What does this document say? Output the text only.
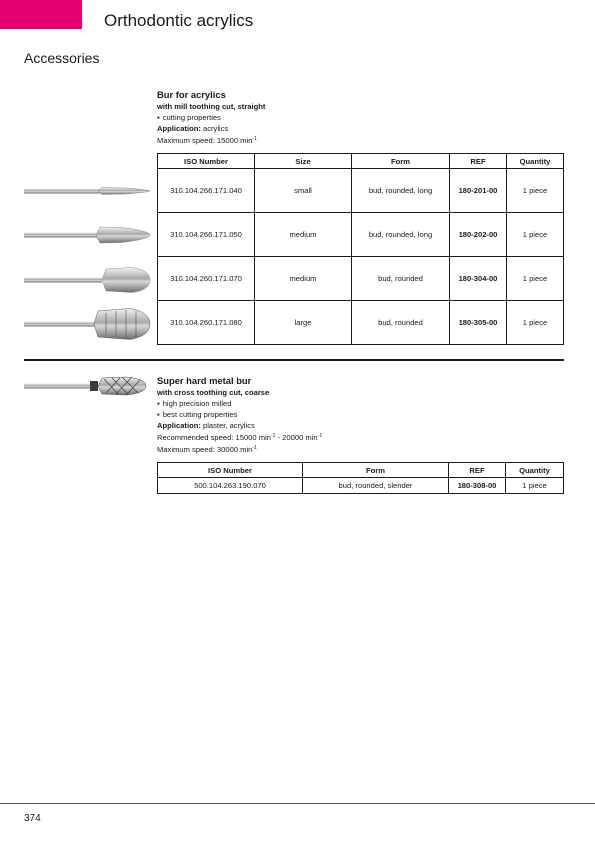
Orthodontic acrylics
Accessories
Bur for acrylics
with mill toothing cut, straight
▪ cutting properties
Application: acrylics
Maximum speed: 15000 $\min^{-1}$
ISO Number	Size	Form	REF	Quantity
310.104.266.171.040	small	bud, rounded, long	180-201-00	1 piece
310.104.266.171.050	medium	bud, rounded, long	180-202-00	1 piece
310.104.260.171.070	medium	bud, rounded	180-304-00	1 piece
310.104.260.171.080	large	bud, rounded	180-305-00	1 piece
Super hard metal bur
with cross toothing cut, coarse
▪ high precision milled
▪ best cutting properties
Application: plaster, acrylics
Recommended speed: 15000 $\min^{-1} - 20000$ $\min^{-1}$
Maximum speed: 30000 $\min^{-1}$
ISO Number	Form	REF	Quantity
500.104.263.190.070	bud, rounded, slender	180-308-00	1 piece
374
